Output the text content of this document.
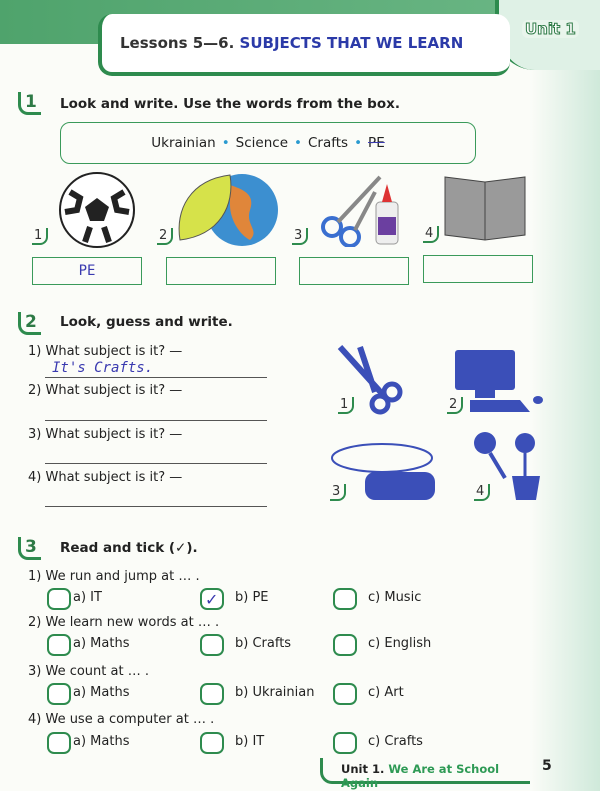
Lessons 5—6. SUBJECTS THAT WE LEARN
Unit 1
1 Look and write. Use the words from the box.
Ukrainian • Science • Crafts • PE
1	2	3	4
PE
2 Look, guess and write.
1) What subject is it? —
It's Crafts.
2) What subject is it? —
3) What subject is it? —
4) What subject is it? —
1	2
3	4
3 Read and tick (✓).
1) We run and jump at … .
a) IT	✓	b) PE	c) Music
2) We learn new words at … .
a) Maths	b) Crafts	c) English
3) We count at … .
a) Maths	b) Ukrainian	c) Art
4) We use a computer at … .
a) Maths	b) IT	c) Crafts
Unit 1. We Are at School Again
5
